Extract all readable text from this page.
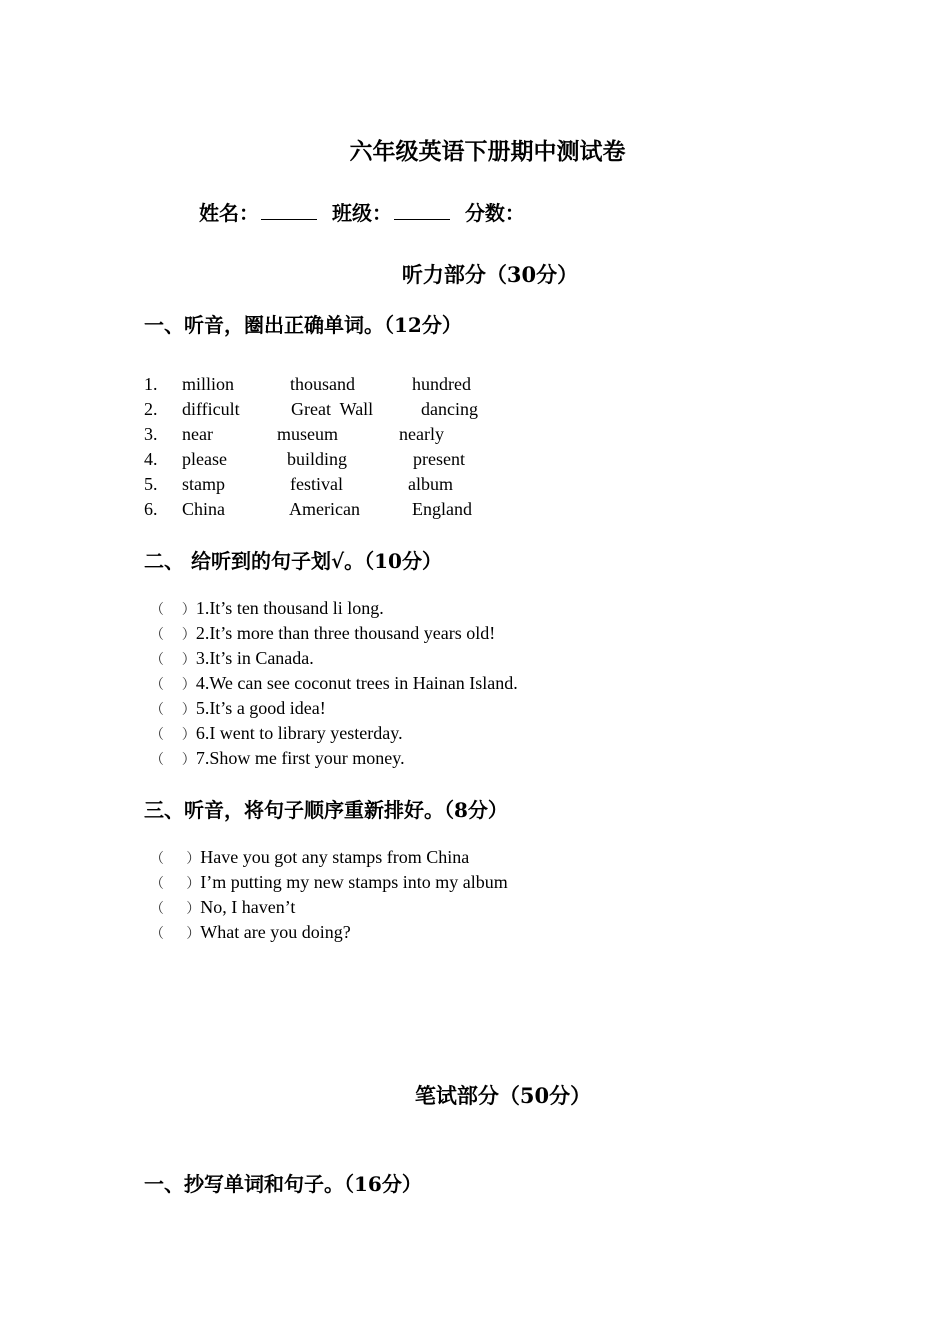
六年级英语下册期中测试卷
姓名：	班级：	分数：
听力部分（30分）
一、听音，圈出正确单词。（12分）
1. million	thousand	hundred
2. difficult	Great  Wall	dancing
3. near	museum	nearly
4. please	building	present
5. stamp	festival	album
6. China	American	England
二、 给听到的句子划√。（10分）
（    ）1.It’s ten thousand li long.
（    ）2.It’s more than three thousand years old!
（    ）3.It’s in Canada.
（    ）4.We can see coconut trees in Hainan Island.
（    ）5.It’s a good idea!
（    ）6.I went to library yesterday.
（    ）7.Show me first your money.
三、听音，将句子顺序重新排好。（8分）
（     ）Have you got any stamps from China
（     ）I’m putting my new stamps into my album
（     ）No, I haven’t
（     ）What are you doing?
笔试部分（50分）
一、抄写单词和句子。（16分）
